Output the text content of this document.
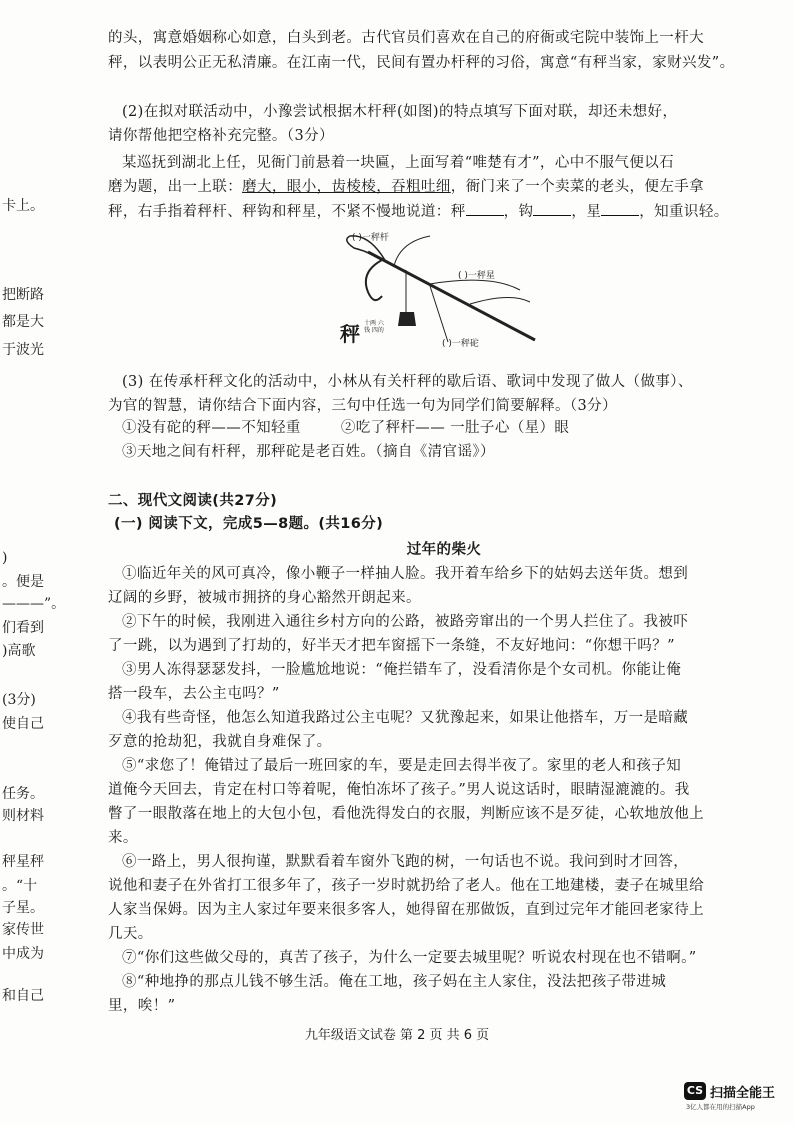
的头，寓意婚姻称心如意，白头到老。古代官员们喜欢在自己的府衙或宅院中装饰上一杆大
秤，以表明公正无私清廉。在江南一代，民间有置办杆秤的习俗，寓意“有秤当家，家财兴发”。
(2)在拟对联活动中，小豫尝试根据木杆秤(如图)的特点填写下面对联，却还未想好，
请你帮他把空格补充完整。（3分）
某巡抚到湖北上任，见衙门前悬着一块匾，上面写着“唯楚有才”，心中不服气便以石
磨为题，出一上联：磨大，眼小，齿棱棱，吞粗吐细，衙门来了一个卖菜的老头，便左手拿
秤，右手指着秤杆、秤钩和秤星，不紧不慢地说道：秤	，钩	，星	，知重识轻。
( )一秤杆
( )一秤星
( )一秤砣
秤 十两 六钱 四的
(3) 在传承杆秤文化的活动中，小林从有关杆秤的歇后语、歌词中发现了做人（做事）、
为官的智慧，请你结合下面内容，三句中任选一句为同学们简要解释。（3分）
①没有砣的秤——不知轻重	②吃了秤杆—— 一肚子心（星）眼
③天地之间有杆秤，那秤砣是老百姓。（摘自《清官谣》）
二、现代文阅读(共27分)
(一) 阅读下文，完成5—8题。(共16分)
过年的柴火
①临近年关的风可真冷，像小鞭子一样抽人脸。我开着车给乡下的姑妈去送年货。想到
辽阔的乡野，被城市拥挤的身心豁然开朗起来。
②下午的时候，我刚进入通往乡村方向的公路，被路旁窜出的一个男人拦住了。我被吓
了一跳，以为遇到了打劫的，好半天才把车窗摇下一条缝，不友好地问：“你想干吗？”
③男人冻得瑟瑟发抖，一脸尴尬地说：“俺拦错车了，没看清你是个女司机。你能让俺
搭一段车，去公主屯吗？”
④我有些奇怪，他怎么知道我路过公主屯呢？又犹豫起来，如果让他搭车，万一是暗藏
歹意的抢劫犯，我就自身难保了。
⑤“求您了！俺错过了最后一班回家的车，要是走回去得半夜了。家里的老人和孩子知
道俺今天回去，肯定在村口等着呢，俺怕冻坏了孩子。”男人说这话时，眼睛湿漉漉的。我
瞥了一眼散落在地上的大包小包，看他洗得发白的衣服，判断应该不是歹徒，心软地放他上
来。
⑥一路上，男人很拘谨，默默看着车窗外飞跑的树，一句话也不说。我问到时才回答，
说他和妻子在外省打工很多年了，孩子一岁时就扔给了老人。他在工地建楼，妻子在城里给
人家当保姆。因为主人家过年要来很多客人，她得留在那做饭，直到过完年才能回老家待上
几天。
⑦“你们这些做父母的，真苦了孩子，为什么一定要去城里呢？听说农村现在也不错啊。”
⑧“种地挣的那点儿钱不够生活。俺在工地，孩子妈在主人家住，没法把孩子带进城
里，唉！”
卡上。
把断路
都是大
于波光
)
。便是
———”。
们看到
)高歌
(3分)
使自己
任务。
则材料
秤星秤
。“十
子星。
家传世
中成为
和自己
九年级语文试卷 第 2 页 共 6 页
CS 扫描全能王
3亿人都在用的扫描App
